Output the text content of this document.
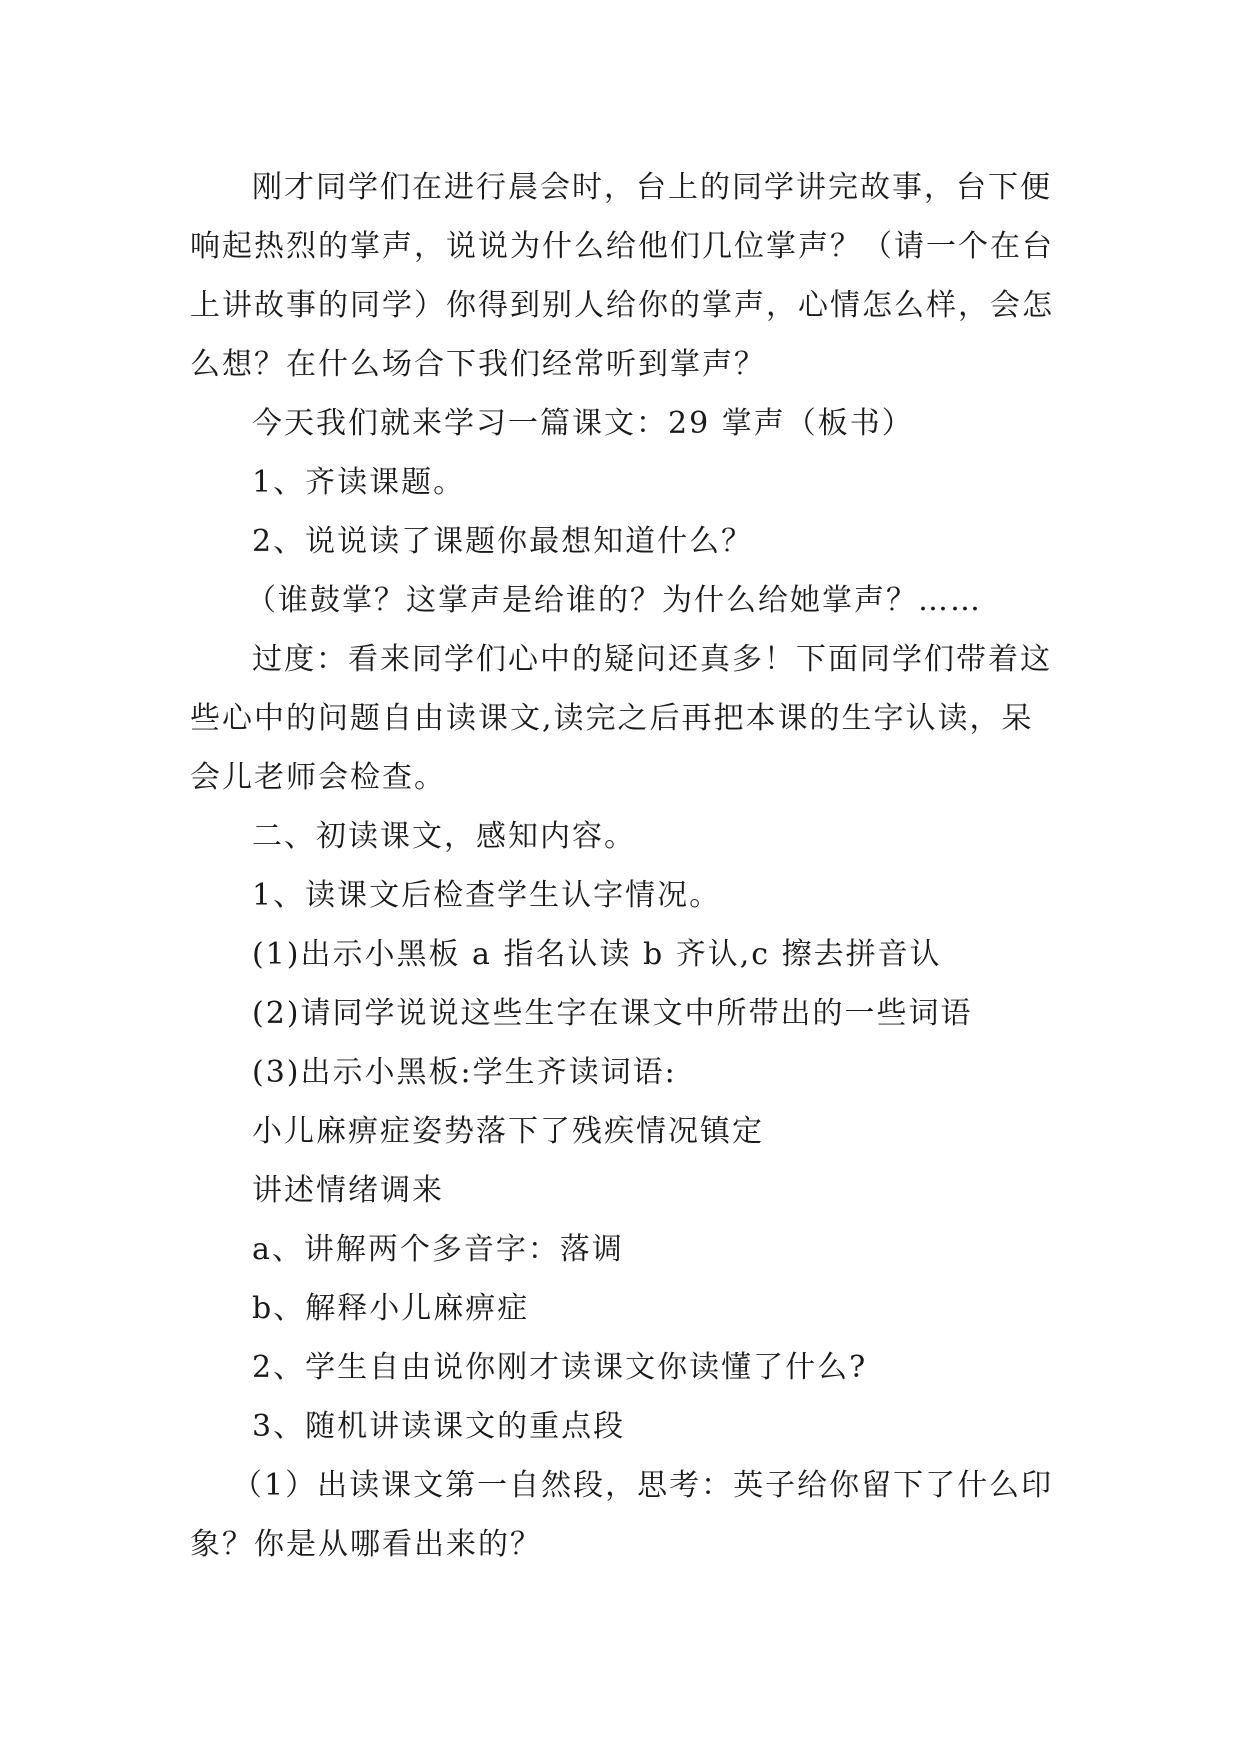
刚才同学们在进行晨会时，台上的同学讲完故事，台下便响起热烈的掌声，说说为什么给他们几位掌声？（请一个在台上讲故事的同学）你得到别人给你的掌声，心情怎么样，会怎么想？在什么场合下我们经常听到掌声？

今天我们就来学习一篇课文：29 掌声（板书）

1、齐读课题。

2、说说读了课题你最想知道什么？

（谁鼓掌？这掌声是给谁的？为什么给她掌声？……

过度：看来同学们心中的疑问还真多！下面同学们带着这些心中的问题自由读课文,读完之后再把本课的生字认读，呆会儿老师会检查。

二、初读课文，感知内容。

1、读课文后检查学生认字情况。

(1)出示小黑板 a 指名认读 b 齐认,c 擦去拼音认

(2)请同学说说这些生字在课文中所带出的一些词语

(3)出示小黑板:学生齐读词语:

小儿麻痹症姿势落下了残疾情况镇定

讲述情绪调来

a、讲解两个多音字：落调

b、解释小儿麻痹症

2、学生自由说你刚才读课文你读懂了什么?

3、随机讲读课文的重点段

（1）出读课文第一自然段，思考：英子给你留下了什么印象？你是从哪看出来的？
